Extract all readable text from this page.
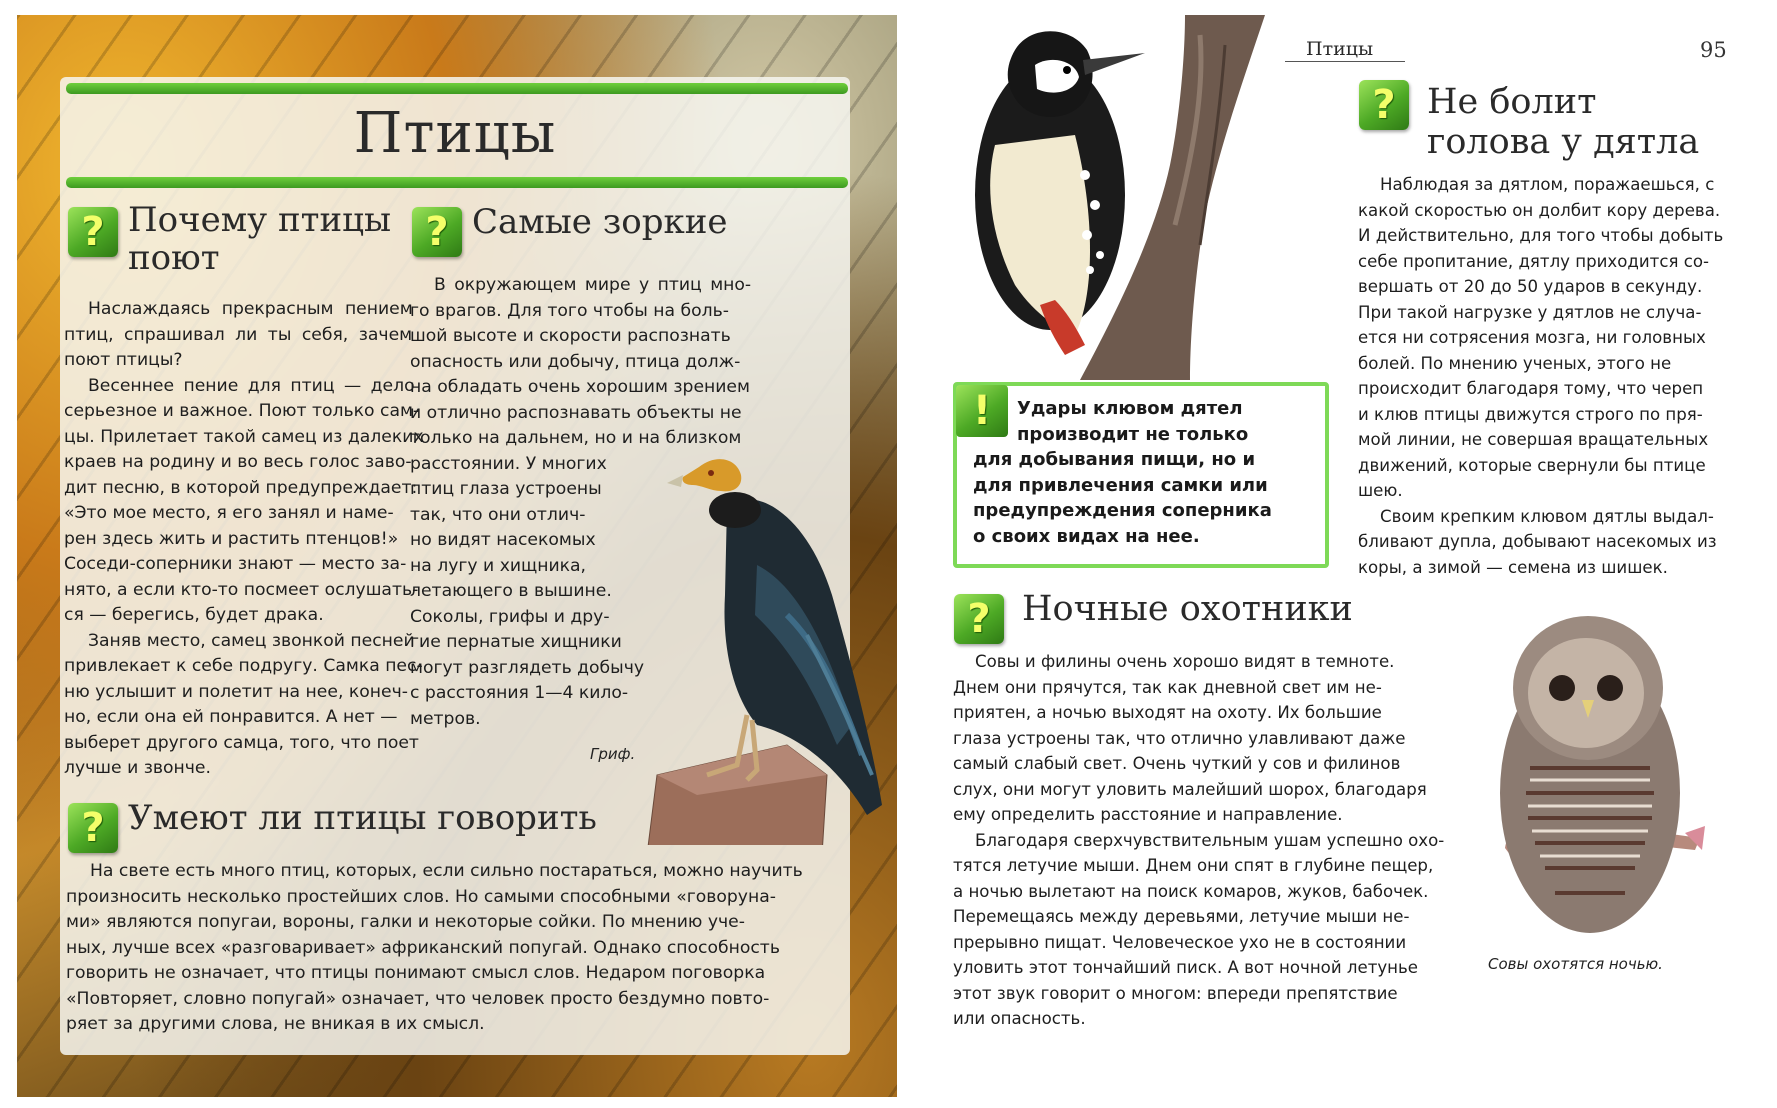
Птицы
? Почему птицы
поют
Наслаждаясь прекрасным пением
птиц, спрашивал ли ты себя, зачем
поют птицы?
Весеннее пение для птиц — дело
серьезное и важное. Поют только сам-
цы. Прилетает такой самец из далеких
краев на родину и во весь голос заво-
дит песню, в которой предупреждает:
«Это мое место, я его занял и наме-
рен здесь жить и растить птенцов!»
Соседи-соперники знают — место за-
нято, а если кто-то посмеет ослушать-
ся — берегись, будет драка.
Заняв место, самец звонкой песней
привлекает к себе подругу. Самка пес-
ню услышит и полетит на нее, конеч-
но, если она ей понравится. А нет —
выберет другого самца, того, что поет
лучше и звонче.
? Самые зоркие
В окружающем мире у птиц мно-
го врагов. Для того чтобы на боль-
шой высоте и скорости распознать
опасность или добычу, птица долж-
на обладать очень хорошим зрением
и отлично распознавать объекты не
только на дальнем, но и на близком
расстоянии. У многих
птиц глаза устроены
так, что они отлич-
но видят насекомых
на лугу и хищника,
летающего в вышине.
Соколы, грифы и дру-
гие пернатые хищники
могут разглядеть добычу
с расстояния 1—4 кило-
метров.
Гриф.
? Умеют ли птицы говорить
На свете есть много птиц, которых, если сильно постараться, можно научить
произносить несколько простейших слов. Но самыми способными «говоруна-
ми» являются попугаи, вороны, галки и некоторые сойки. По мнению уче-
ных, лучше всех «разговаривает» африканский попугай. Однако способность
говорить не означает, что птицы понимают смысл слов. Недаром поговорка
«Повторяет, словно попугай» означает, что человек просто бездумно повто-
ряет за другими слова, не вникая в их смысл.
Птицы	95
? Не болит
голова у дятла
Наблюдая за дятлом, поражаешься, с
какой скоростью он долбит кору дерева.
И действительно, для того чтобы добыть
себе пропитание, дятлу приходится со-
вершать от 20 до 50 ударов в секунду.
При такой нагрузке у дятлов не случа-
ется ни сотрясения мозга, ни головных
болей. По мнению ученых, этого не
происходит благодаря тому, что череп
и клюв птицы движутся строго по пря-
мой линии, не совершая вращательных
движений, которые свернули бы птице
шею.
Своим крепким клювом дятлы выдал-
бливают дупла, добывают насекомых из
коры, а зимой — семена из шишек.
!	Удары клювом дятел
производит не только
для добывания пищи, но и
для привлечения самки или
предупреждения соперника
о своих видах на нее.
? Ночные охотники
Совы и филины очень хорошо видят в темноте.
Днем они прячутся, так как дневной свет им не-
приятен, а ночью выходят на охоту. Их большие
глаза устроены так, что отлично улавливают даже
самый слабый свет. Очень чуткий у сов и филинов
слух, они могут уловить малейший шорох, благодаря
ему определить расстояние и направление.
Благодаря сверхчувствительным ушам успешно охо-
тятся летучие мыши. Днем они спят в глубине пещер,
а ночью вылетают на поиск комаров, жуков, бабочек.
Перемещаясь между деревьями, летучие мыши не-
прерывно пищат. Человеческое ухо не в состоянии
уловить этот тончайший писк. А вот ночной летунье
этот звук говорит о многом: впереди препятствие
или опасность.
Совы охотятся ночью.
